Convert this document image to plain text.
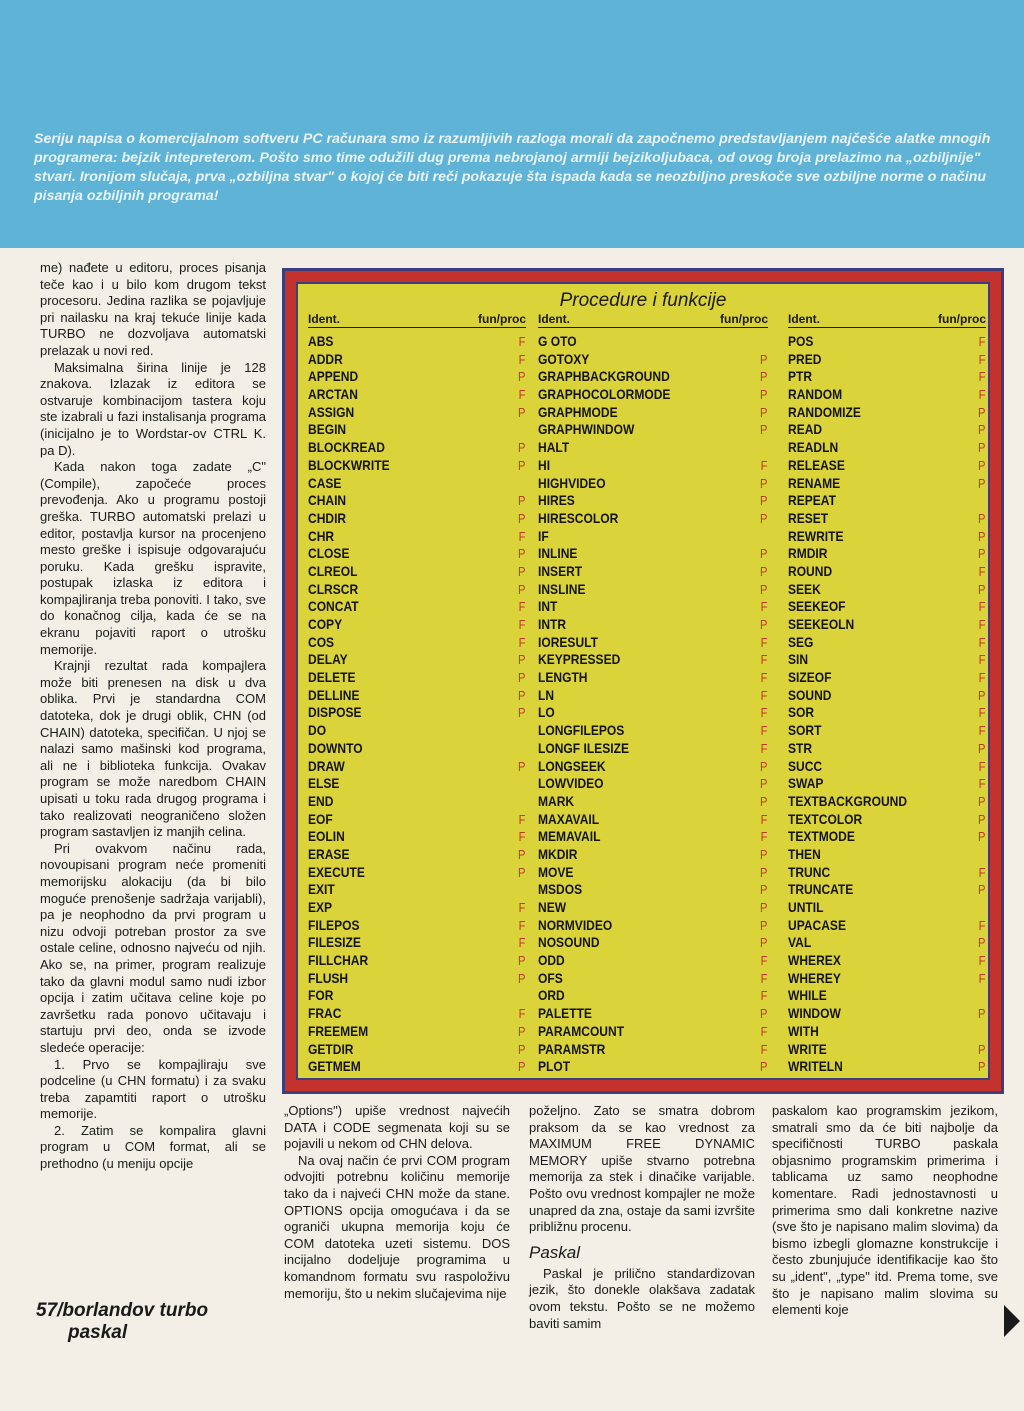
Seriju napisa o komercijalnom softveru PC računara smo iz razumljivih razloga morali da započnemo predstavljanjem najčešće alatke mnogih programera: bejzik intepreterom. Pošto smo time odužili dug prema nebrojanoj armiji bejzikoljubaca, od ovog broja prelazimo na „ozbiljnije" stvari. Ironijom slučaja, prva „ozbiljna stvar" o kojoj će biti reči pokazuje šta ispada kada se neozbiljno preskoče sve ozbiljne norme o načinu pisanja ozbiljnih programa!

me) nađete u editoru, proces pisanja teče kao i u bilo kom drugom tekst procesoru. Jedina razlika se pojavljuje pri nailasku na kraj tekuće linije kada TURBO ne dozvoljava automatski prelazak u novi red.

Maksimalna širina linije je 128 znakova. Izlazak iz editora se ostvaruje kombinacijom tastera koju ste izabrali u fazi instalisanja programa (inicijalno je to Wordstar-ov CTRL K. pa D).

Kada nakon toga zadate „C" (Compile), započeće proces prevođenja. Ako u programu postoji greška. TURBO automatski prelazi u editor, postavlja kursor na procenjeno mesto greške i ispisuje odgovarajuću poruku. Kada grešku ispravite, postupak izlaska iz editora i kompajliranja treba ponoviti. I tako, sve do konačnog cilja, kada će se na ekranu pojaviti raport o utrošku memorije.

Krajnji rezultat rada kompajlera može biti prenesen na disk u dva oblika. Prvi je standardna COM datoteka, dok je drugi oblik, CHN (od CHAIN) datoteka, specifičan. U njoj se nalazi samo mašinski kod programa, ali ne i biblioteka funkcija. Ovakav program se može naredbom CHAIN upisati u toku rada drugog programa i tako realizovati neograničeno složen program sastavljen iz manjih celina.

Pri ovakvom načinu rada, novoupisani program neće promeniti memorijsku alokaciju (da bi bilo moguće prenošenje sadržaja varijabli), pa je neophodno da prvi program u nizu odvoji potreban prostor za sve ostale celine, odnosno najveću od njih. Ako se, na primer, program realizuje tako da glavni modul samo nudi izbor opcija i zatim učitava celine koje po završetku rada ponovo učitavaju i startuju prvi deo, onda se izvode sledeće operacije:

1. Prvo se kompajliraju sve podceline (u CHN formatu) i za svaku treba zapamtiti raport o utrošku memorije.
2. Zatim se kompalira glavni program u COM format, ali se prethodno (u meniju opcije
57/borlandov turbo
paskal
Procedure i funkcije
Ident.	fun/proc
ABS	F
ADDR	F
APPEND	P
ARCTAN	F
ASSIGN	P
BEGIN
BLOCKREAD	P
BLOCKWRITE	P
CASE
CHAIN	P
CHDIR	P
CHR	F
CLOSE	P
CLREOL	P
CLRSCR	P
CONCAT	F
COPY	F
COS	F
DELAY	P
DELETE	P
DELLINE	P
DISPOSE	P
DO
DOWNTO
DRAW	P
ELSE
END
EOF	F
EOLIN	F
ERASE	P
EXECUTE	P
EXIT
EXP	F
FILEPOS	F
FILESIZE	F
FILLCHAR	P
FLUSH	P
FOR
FRAC	F
FREEMEM	P
GETDIR	P
GETMEM	P
Ident.	fun/proc
G OTO
GOTOXY	P
GRAPHBACKGROUND	P
GRAPHOCOLORMODE	P
GRAPHMODE	P
GRAPHWINDOW	P
HALT
HI	F
HIGHVIDEO	P
HIRES	P
HIRESCOLOR	P
IF
INLINE	P
INSERT	P
INSLINE	P
INT	F
INTR	P
IORESULT	F
KEYPRESSED	F
LENGTH	F
LN	F
LO	F
LONGFILEPOS	F
LONGF ILESIZE	F
LONGSEEK	P
LOWVIDEO	P
MARK	P
MAXAVAIL	F
MEMAVAIL	F
MKDIR	P
MOVE	P
MSDOS	P
NEW	P
NORMVIDEO	P
NOSOUND	P
ODD	F
OFS	F
ORD	F
PALETTE	P
PARAMCOUNT	F
PARAMSTR	F
PLOT	P
Ident.	fun/proc
POS	F
PRED	F
PTR	F
RANDOM	F
RANDOMIZE	P
READ	P
READLN	P
RELEASE	P
RENAME	P
REPEAT
RESET	P
REWRITE	P
RMDIR	P
ROUND	F
SEEK	P
SEEKEOF	F
SEEKEOLN	F
SEG	F
SIN	F
SIZEOF	F
SOUND	P
SOR	F
SORT	F
STR	P
SUCC	F
SWAP	F
TEXTBACKGROUND	P
TEXTCOLOR	P
TEXTMODE	P
THEN
TRUNC	F
TRUNCATE	P
UNTIL
UPACASE	F
VAL	P
WHEREX	F
WHEREY	F
WHILE
WINDOW	P
WITH
WRITE	P
WRITELN	P

„Options") upiše vrednost najvećih DATA i CODE segmenata koji su se pojavili u nekom od CHN delova.

Na ovaj način će prvi COM program odvojiti potrebnu količinu memorije tako da i najveći CHN može da stane. OPTIONS opcija omogućava i da se ograniči ukupna memorija koju će COM datoteka uzeti sistemu. DOS incijalno dodeljuje programima u komandnom formatu svu raspoloživu memoriju, što u nekim slučajevima nije

poželjno. Zato se smatra dobrom praksom da se kao vrednost za MAXIMUM FREE DYNAMIC MEMORY upiše stvarno potrebna memorija za stek i dinačike varijable. Pošto ovu vrednost kompajler ne može unapred da zna, ostaje da sami izvršite približnu procenu.

Paskal

Paskal je prilično standardizovan jezik, što donekle olakšava zadatak ovom tekstu. Pošto se ne možemo baviti samim

paskalom kao programskim jezikom, smatrali smo da će biti najbolje da specifičnosti TURBO paskala objasnimo programskim primerima i tablicama uz samo neophodne komentare. Radi jednostavnosti u primerima smo dali konkretne nazive (sve što je napisano malim slovima) da bismo izbegli glomazne konstrukcije i često zbunjujuće identifikacije kao što su „ident", „type" itd. Prema tome, sve što je napisano malim slovima su elementi koje
